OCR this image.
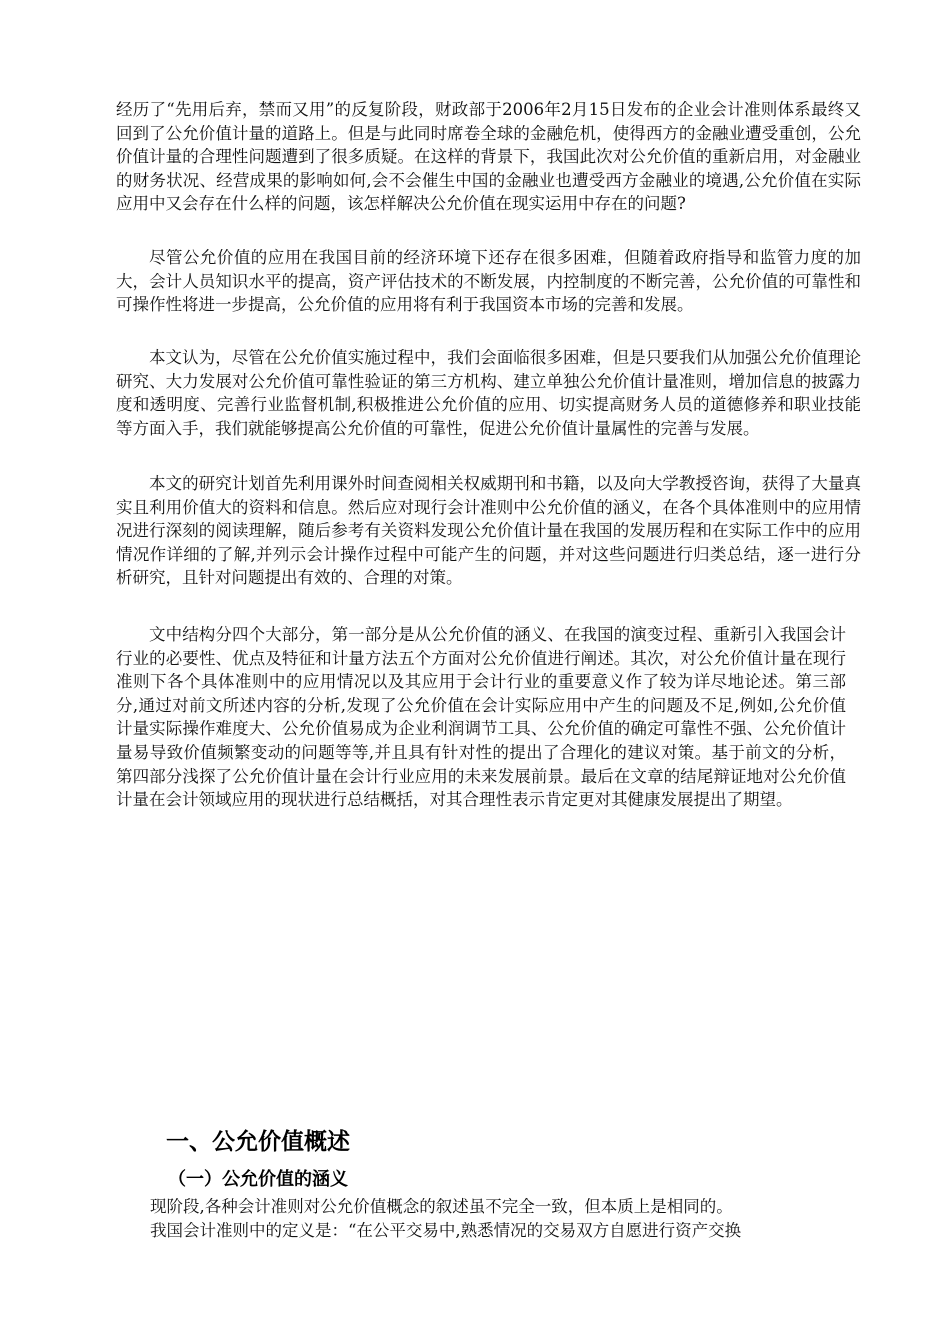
经历了“先用后弃，禁而又用”的反复阶段，财政部于2006年2月15日发布的企业会计准则体系最终又回到了公允价值计量的道路上。但是与此同时席卷全球的金融危机，使得西方的金融业遭受重创，公允价值计量的合理性问题遭到了很多质疑。在这样的背景下，我国此次对公允价值的重新启用，对金融业的财务状况、经营成果的影响如何,会不会催生中国的金融业也遭受西方金融业的境遇,公允价值在实际应用中又会存在什么样的问题，该怎样解决公允价值在现实运用中存在的问题?

尽管公允价值的应用在我国目前的经济环境下还存在很多困难，但随着政府指导和监管力度的加大，会计人员知识水平的提高，资产评估技术的不断发展，内控制度的不断完善，公允价值的可靠性和可操作性将进一步提高，公允价值的应用将有利于我国资本市场的完善和发展。

本文认为，尽管在公允价值实施过程中，我们会面临很多困难，但是只要我们从加强公允价值理论研究、大力发展对公允价值可靠性验证的第三方机构、建立单独公允价值计量准则，增加信息的披露力度和透明度、完善行业监督机制,积极推进公允价值的应用、切实提高财务人员的道德修养和职业技能等方面入手，我们就能够提高公允价值的可靠性，促进公允价值计量属性的完善与发展。

本文的研究计划首先利用课外时间查阅相关权威期刊和书籍，以及向大学教授咨询，获得了大量真实且利用价值大的资料和信息。然后应对现行会计准则中公允价值的涵义，在各个具体准则中的应用情况进行深刻的阅读理解，随后参考有关资料发现公允价值计量在我国的发展历程和在实际工作中的应用情况作详细的了解,并列示会计操作过程中可能产生的问题，并对这些问题进行归类总结，逐一进行分析研究，且针对问题提出有效的、合理的对策。

文中结构分四个大部分，第一部分是从公允价值的涵义、在我国的演变过程、重新引入我国会计行业的必要性、优点及特征和计量方法五个方面对公允价值进行阐述。其次，对公允价值计量在现行准则下各个具体准则中的应用情况以及其应用于会计行业的重要意义作了较为详尽地论述。第三部分,通过对前文所述内容的分析,发现了公允价值在会计实际应用中产生的问题及不足,例如,公允价值计量实际操作难度大、公允价值易成为企业利润调节工具、公允价值的确定可靠性不强、公允价值计量易导致价值频繁变动的问题等等,并且具有针对性的提出了合理化的建议对策。基于前文的分析，第四部分浅探了公允价值计量在会计行业应用的未来发展前景。最后在文章的结尾辩证地对公允价值计量在会计领域应用的现状进行总结概括，对其合理性表示肯定更对其健康发展提出了期望。

一、公允价值概述
（一）公允价值的涵义

现阶段,各种会计准则对公允价值概念的叙述虽不完全一致，但本质上是相同的。

我国会计准则中的定义是：“在公平交易中,熟悉情况的交易双方自愿进行资产交换
